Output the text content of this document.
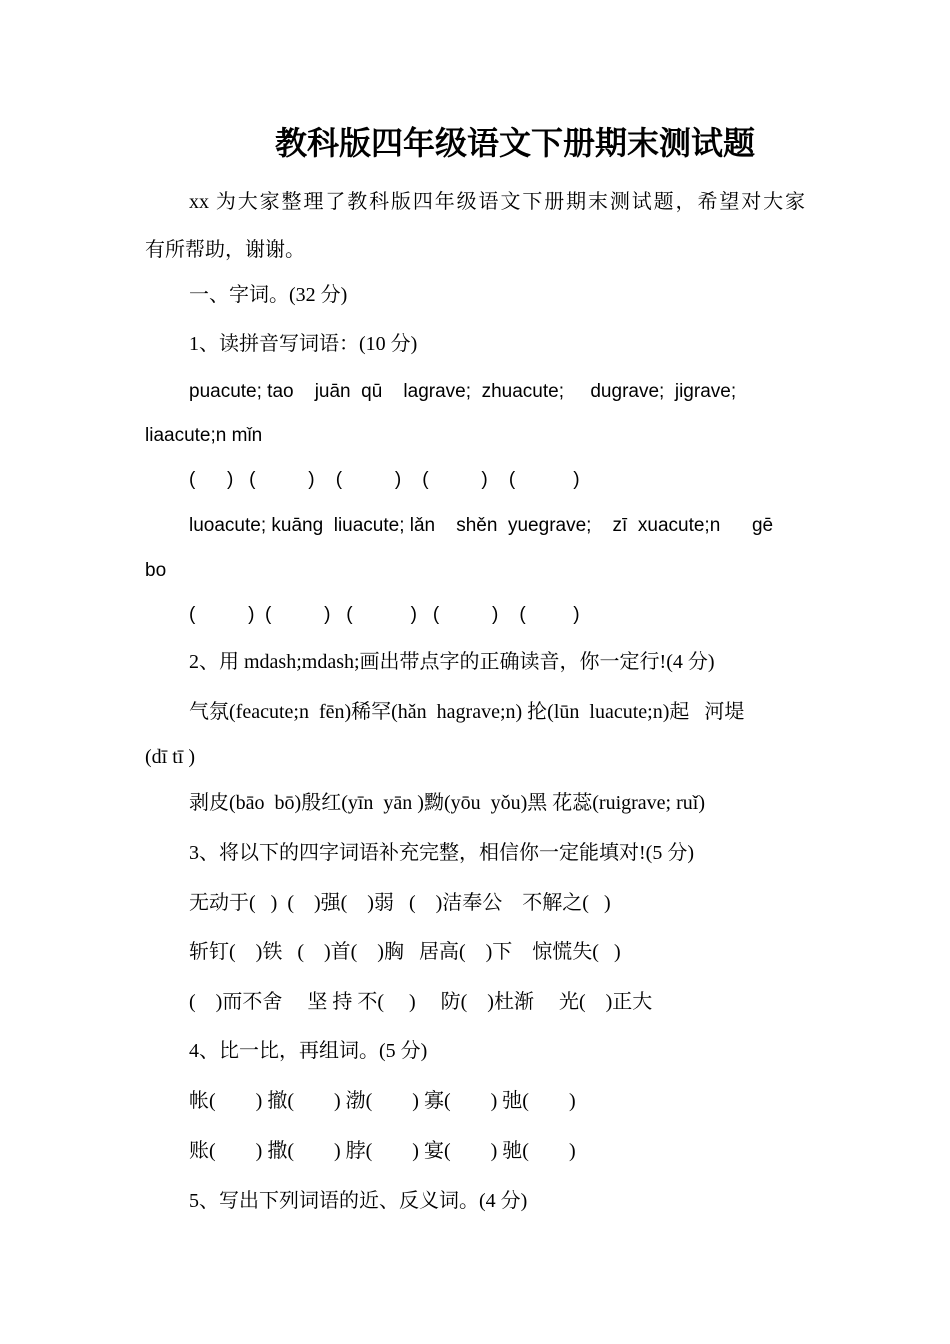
教科版四年级语文下册期末测试题
xx 为大家整理了教科版四年级语文下册期末测试题，希望对大家
有所帮助，谢谢。
一、字词。(32 分)
1、读拼音写词语：(10 分)
puacute; tao    juān  qū    lagrave;  zhuacute;     dugrave;  jigrave;
liaacute;n mǐn
(      )   (          )    (          )    (          )    (           )
luoacute; kuāng  liuacute; lǎn    shěn  yuegrave;    zī  xuacute;n      gē
bo
(          )  (          )   (           )   (          )    (         )
2、用 mdash;mdash;画出带点字的正确读音，你一定行!(4 分)
气氛(feacute;n  fēn)稀罕(hǎn  hagrave;n) 抡(lūn  luacute;n)起   河堤
(dī tī )
剥皮(bāo  bō)殷红(yīn  yān )黝(yōu  yǒu)黑 花蕊(ruigrave; ruǐ)
3、将以下的四字词语补充完整，相信你一定能填对!(5 分)
无动于(   )  (    )强(    )弱   (    )洁奉公    不解之(   )
斩钉(    )铁   (    )首(    )胸   居高(    )下    惊慌失(   )
(    )而不舍     坚 持 不(     )     防(    )杜渐     光(    )正大
4、比一比，再组词。(5 分)
帐(        ) 撤(        ) 渤(        ) 寡(        ) 弛(        )
账(        ) 撒(        ) 脖(        ) 宴(        ) 驰(        )
5、写出下列词语的近、反义词。(4 分)
